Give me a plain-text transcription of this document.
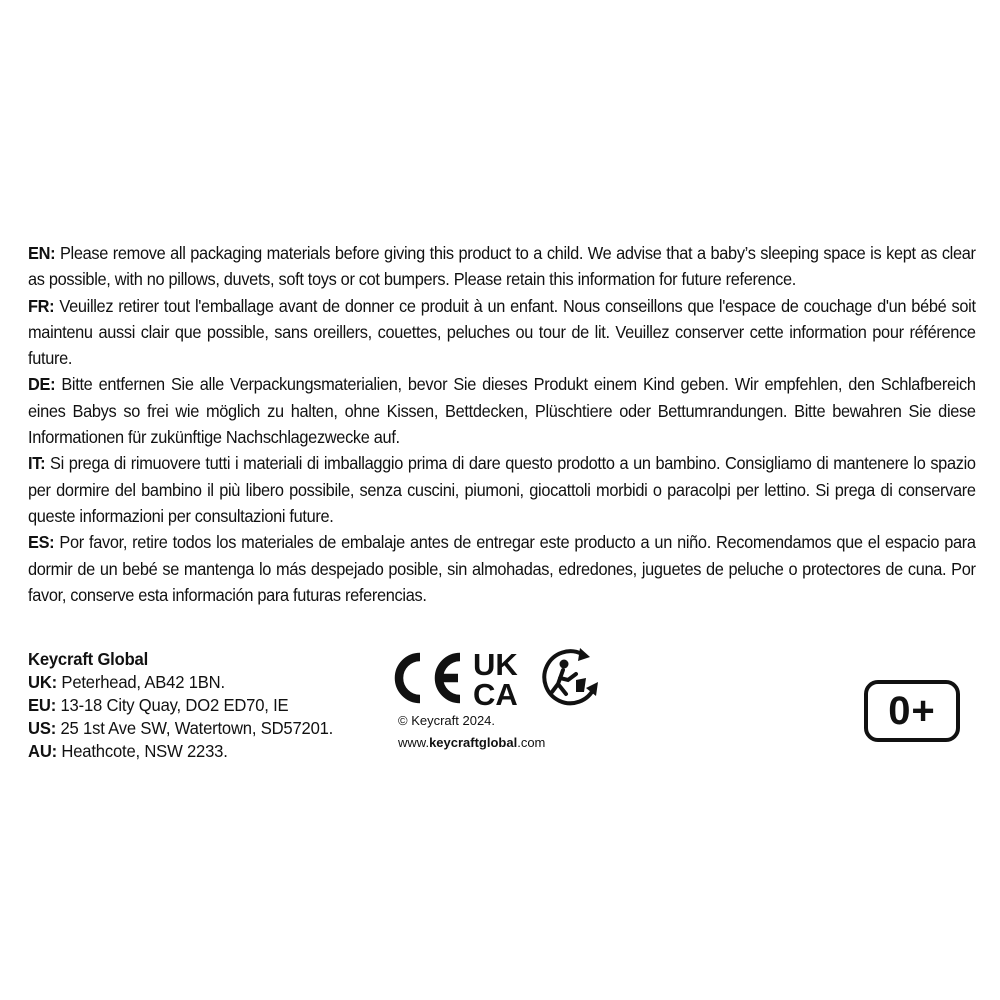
EN: Please remove all packaging materials before giving this product to a child. We advise that a baby’s sleeping space is kept as clear as possible, with no pillows, duvets, soft toys or cot bumpers. Please retain this information for future reference.

FR: Veuillez retirer tout l'emballage avant de donner ce produit à un enfant. Nous conseillons que l'espace de couchage d'un bébé soit maintenu aussi clair que possible, sans oreillers, couettes, peluches ou tour de lit. Veuillez conserver cette information pour référence future.

DE: Bitte entfernen Sie alle Verpackungsmaterialien, bevor Sie dieses Produkt einem Kind geben. Wir empfehlen, den Schlafbereich eines Babys so frei wie möglich zu halten, ohne Kissen, Bettdecken, Plüschtiere oder Bettumrandungen. Bitte bewahren Sie diese Informationen für zukünftige Nachschlagezwecke auf.

IT: Si prega di rimuovere tutti i materiali di imballaggio prima di dare questo prodotto a un bambino. Consigliamo di mantenere lo spazio per dormire del bambino il più libero possibile, senza cuscini, piumoni, giocattoli morbidi o paracolpi per lettino. Si prega di conservare queste informazioni per consultazioni future.

ES: Por favor, retire todos los materiales de embalaje antes de entregar este producto a un niño. Recomendamos que el espacio para dormir de un bebé se mantenga lo más despejado posible, sin almohadas, edredones, juguetes de peluche o protectores de cuna. Por favor, conserve esta información para futuras referencias.

Keycraft Global
UK: Peterhead, AB42 1BN.
EU: 13-18 City Quay, DO2 ED70, IE
US: 25 1st Ave SW, Watertown, SD57201.
AU: Heathcote, NSW 2233.
UK
CA
© Keycraft 2024.
www.keycraftglobal.com
0+
